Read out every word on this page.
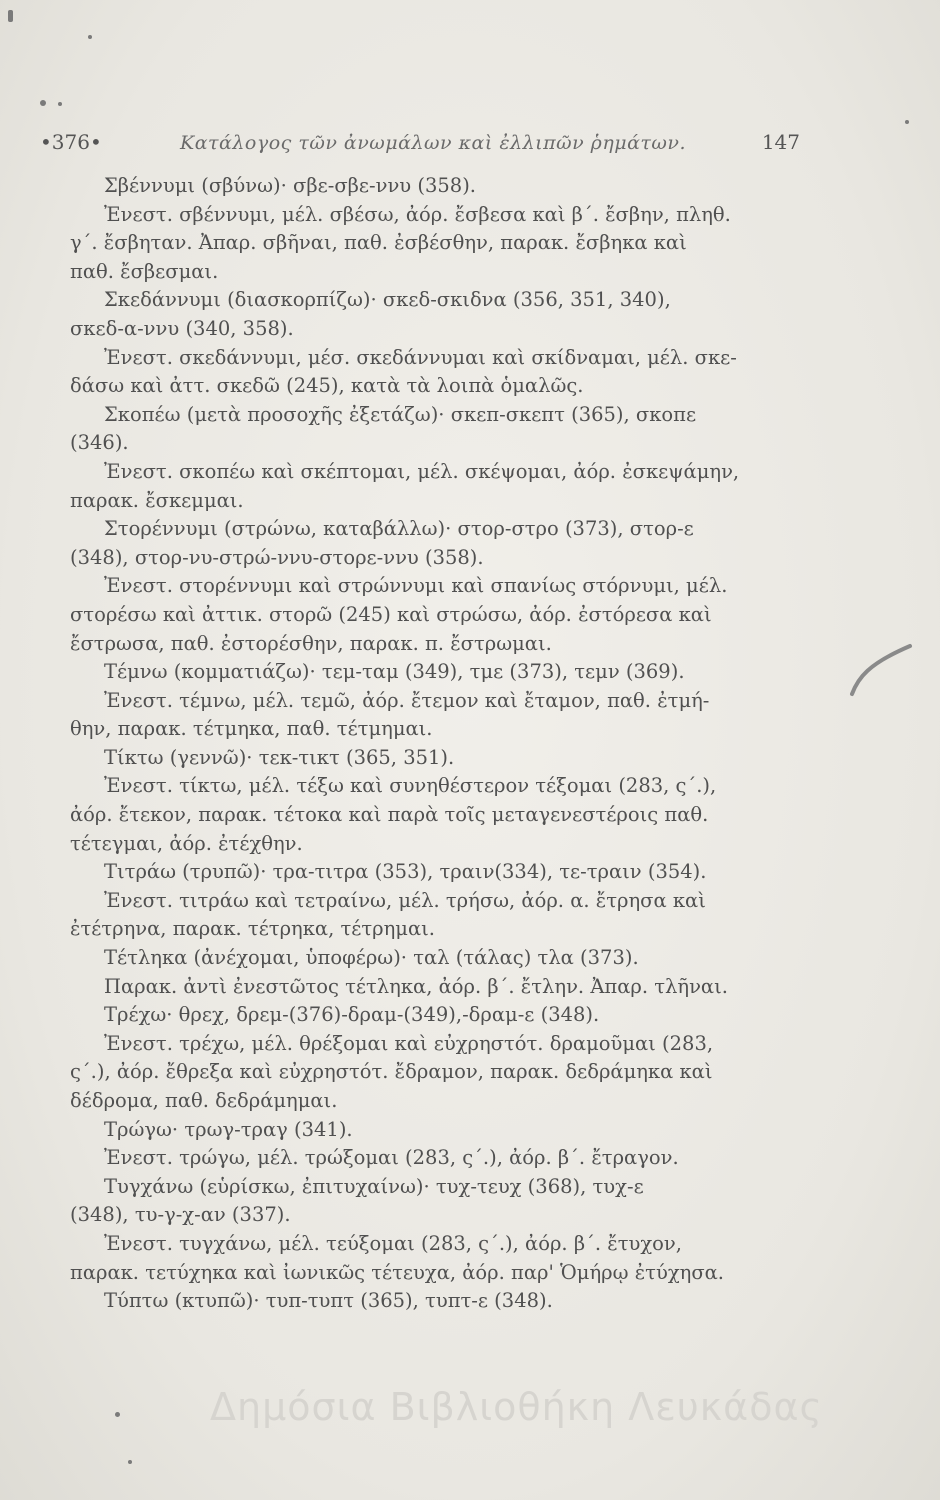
•376•	Κατάλογος τῶν ἀνωμάλων καὶ ἐλλιπῶν ῥημάτων.	147
Σβέννυμι (σβύνω)· σβε-σβε-ννυ (358).
Ἐνεστ. σβέννυμι, μέλ. σβέσω, ἀόρ. ἔσβεσα καὶ β΄. ἔσβην, πληθ.
γ΄. ἔσβηταν. Ἀπαρ. σβῆναι, παθ. ἐσβέσθην, παρακ. ἔσβηκα καὶ
παθ. ἔσβεσμαι.
Σκεδάννυμι (διασκορπίζω)· σκεδ-σκιδνα (356, 351, 340),
σκεδ-α-ννυ (340, 358).
Ἐνεστ. σκεδάννυμι, μέσ. σκεδάννυμαι καὶ σκίδναμαι, μέλ. σκε-
δάσω καὶ ἀττ. σκεδῶ (245), κατὰ τὰ λοιπὰ ὁμαλῶς.
Σκοπέω (μετὰ προσοχῆς ἐξετάζω)· σκεπ-σκεπτ (365), σκοπε
(346).
Ἐνεστ. σκοπέω καὶ σκέπτομαι, μέλ. σκέψομαι, ἀόρ. ἐσκεψάμην,
παρακ. ἔσκεμμαι.
Στορέννυμι (στρώνω, καταβάλλω)· στορ-στρο (373), στορ-ε
(348), στορ-νυ-στρώ-ννυ-στορε-ννυ (358).
Ἐνεστ. στορέννυμι καὶ στρώννυμι καὶ σπανίως στόρνυμι, μέλ.
στορέσω καὶ ἀττικ. στορῶ (245) καὶ στρώσω, ἀόρ. ἐστόρεσα καὶ
ἔστρωσα, παθ. ἐστορέσθην, παρακ. π. ἔστρωμαι.
Τέμνω (κομματιάζω)· τεμ-ταμ (349), τμε (373), τεμν (369).
Ἐνεστ. τέμνω, μέλ. τεμῶ, ἀόρ. ἔτεμον καὶ ἔταμον, παθ. ἐτμή-
θην, παρακ. τέτμηκα, παθ. τέτμημαι.
Τίκτω (γεννῶ)· τεκ-τικτ (365, 351).
Ἐνεστ. τίκτω, μέλ. τέξω καὶ συνηθέστερον τέξομαι (283, ς΄.),
ἀόρ. ἔτεκον, παρακ. τέτοκα καὶ παρὰ τοῖς μεταγενεστέροις παθ.
τέτεγμαι, ἀόρ. ἐτέχθην.
Τιτράω (τρυπῶ)· τρα-τιτρα (353), τραιν(334), τε-τραιν (354).
Ἐνεστ. τιτράω καὶ τετραίνω, μέλ. τρήσω, ἀόρ. α. ἔτρησα καὶ
ἐτέτρηνα, παρακ. τέτρηκα, τέτρημαι.
Τέτληκα (ἀνέχομαι, ὑποφέρω)· ταλ (τάλας) τλα (373).
Παρακ. ἀντὶ ἐνεστῶτος τέτληκα, ἀόρ. β΄. ἔτλην. Ἀπαρ. τλῆναι.
Τρέχω· θρεχ, δρεμ-(376)-δραμ-(349),-δραμ-ε (348).
Ἐνεστ. τρέχω, μέλ. θρέξομαι καὶ εὐχρηστότ. δραμοῦμαι (283,
ς΄.), ἀόρ. ἔθρεξα καὶ εὐχρηστότ. ἔδραμον, παρακ. δεδράμηκα καὶ
δέδρομα, παθ. δεδράμημαι.
Τρώγω· τρωγ-τραγ (341).
Ἐνεστ. τρώγω, μέλ. τρώξομαι (283, ς΄.), ἀόρ. β΄. ἔτραγον.
Τυγχάνω (εὑρίσκω, ἐπιτυχαίνω)· τυχ-τευχ (368), τυχ-ε
(348), τυ-γ-χ-αν (337).
Ἐνεστ. τυγχάνω, μέλ. τεύξομαι (283, ς΄.), ἀόρ. β΄. ἔτυχον,
παρακ. τετύχηκα καὶ ἰωνικῶς τέτευχα, ἀόρ. παρ' Ὁμήρῳ ἐτύχησα.
Τύπτω (κτυπῶ)· τυπ-τυπτ (365), τυπτ-ε (348).
Δημόσια Βιβλιοθήκη Λευκάδας
